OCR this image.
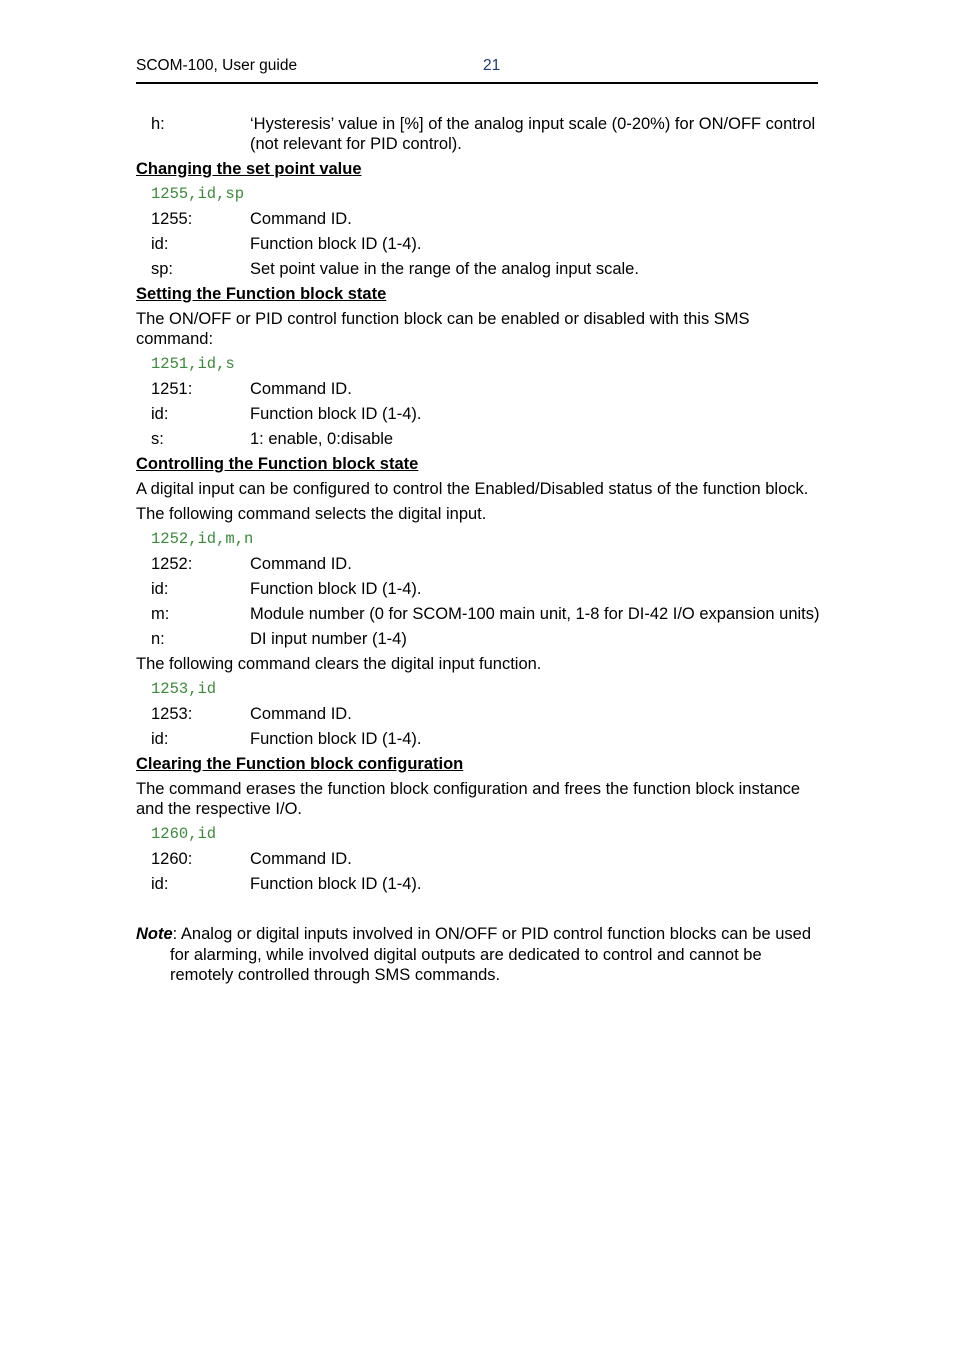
SCOM-100, User guide	21
h:	‘Hysteresis’ value in [%] of the analog input scale (0-20%) for ON/OFF control (not relevant for PID control).
Changing the set point value
1255,id,sp
1255:	Command ID.
id:	Function block ID (1-4).
sp:	Set point value in the range of the analog input scale.
Setting the Function block state
The ON/OFF or PID control function block can be enabled or disabled with this SMS command:
1251,id,s
1251:	Command ID.
id:	Function block ID (1-4).
s:	1: enable, 0:disable
Controlling the Function block state
A digital input can be configured to control the Enabled/Disabled status of the function block.
The following command selects the digital input.
1252,id,m,n
1252:	Command ID.
id:	Function block ID (1-4).
m:	Module number (0 for SCOM-100 main unit, 1-8 for DI-42 I/O expansion units)
n:	DI input number (1-4)
The following command clears the digital input function.
1253,id
1253:	Command ID.
id:	Function block ID (1-4).
Clearing the Function block configuration
The command erases the function block configuration and frees the function block instance and the respective I/O.
1260,id
1260:	Command ID.
id:	Function block ID (1-4).
Note: Analog or digital inputs involved in ON/OFF or PID control function blocks can be used for alarming, while involved digital outputs are dedicated to control and cannot be remotely controlled through SMS commands.
